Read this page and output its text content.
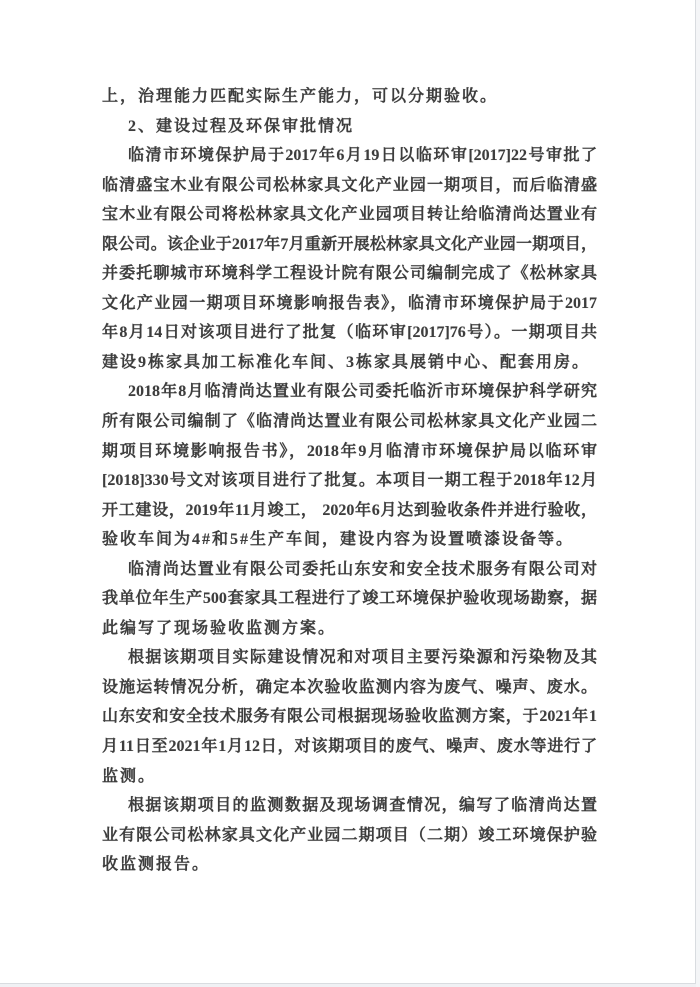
上，治理能力匹配实际生产能力，可以分期验收。
2、建设过程及环保审批情况
临清市环境保护局于2017年6月19日以临环审[2017]22号审批了
临清盛宝木业有限公司松林家具文化产业园一期项目，而后临清盛
宝木业有限公司将松林家具文化产业园项目转让给临清尚达置业有
限公司。该企业于2017年7月重新开展松林家具文化产业园一期项目，
并委托聊城市环境科学工程设计院有限公司编制完成了《松林家具
文化产业园一期项目环境影响报告表》，临清市环境保护局于2017
年8月14日对该项目进行了批复（临环审[2017]76号）。一期项目共
建设9栋家具加工标准化车间、3栋家具展销中心、配套用房。
2018年8月临清尚达置业有限公司委托临沂市环境保护科学研究
所有限公司编制了《临清尚达置业有限公司松林家具文化产业园二
期项目环境影响报告书》，2018年9月临清市环境保护局以临环审
[2018]330号文对该项目进行了批复。本项目一期工程于2018年12月
开工建设，2019年11月竣工， 2020年6月达到验收条件并进行验收，
验收车间为4#和5#生产车间，建设内容为设置喷漆设备等。
临清尚达置业有限公司委托山东安和安全技术服务有限公司对
我单位年生产500套家具工程进行了竣工环境保护验收现场勘察，据
此编写了现场验收监测方案。
根据该期项目实际建设情况和对项目主要污染源和污染物及其
设施运转情况分析，确定本次验收监测内容为废气、噪声、废水。
山东安和安全技术服务有限公司根据现场验收监测方案，于2021年1
月11日至2021年1月12日，对该期项目的废气、噪声、废水等进行了
监测。
根据该期项目的监测数据及现场调查情况，编写了临清尚达置
业有限公司松林家具文化产业园二期项目（二期）竣工环境保护验
收监测报告。
